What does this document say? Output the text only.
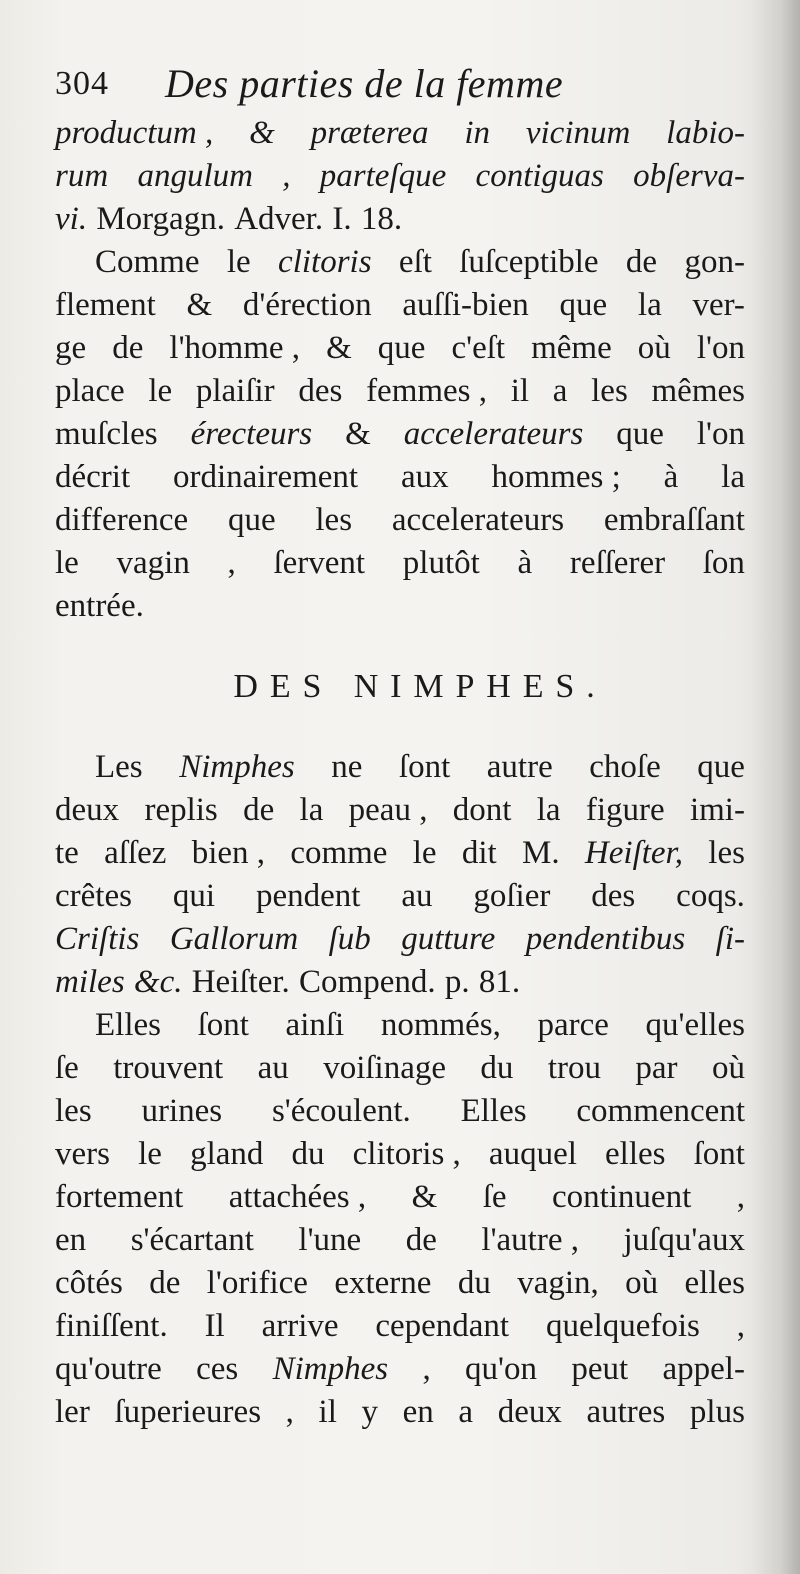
304	Des parties de la femme
productum , & præterea in vicinum labio-
rum angulum , parteſque contiguas obſerva-
vi. Morgagn. Adver. I. 18.
Comme le clitoris eſt ſuſceptible de gon-
flement & d'érection auſſi-bien que la ver-
ge de l'homme , & que c'eſt même où l'on
place le plaiſir des femmes , il a les mêmes
muſcles érecteurs & accelerateurs que l'on
décrit ordinairement aux hommes ; à la
difference que les accelerateurs embraſſant
le vagin , ſervent plutôt à reſſerer ſon
entrée.
DES NIMPHES.
Les Nimphes ne ſont autre choſe que
deux replis de la peau , dont la figure imi-
te aſſez bien , comme le dit M. Heiſter, les
crêtes qui pendent au goſier des coqs.
Criſtis Gallorum ſub gutture pendentibus ſi-
miles &c. Heiſter. Compend. p. 81.
Elles ſont ainſi nommés, parce qu'elles
ſe trouvent au voiſinage du trou par où
les urines s'écoulent. Elles commencent
vers le gland du clitoris , auquel elles ſont
fortement attachées , & ſe continuent ,
en s'écartant l'une de l'autre , juſqu'aux
côtés de l'orifice externe du vagin, où elles
finiſſent. Il arrive cependant quelquefois ,
qu'outre ces Nimphes , qu'on peut appel-
ler ſuperieures , il y en a deux autres plus
